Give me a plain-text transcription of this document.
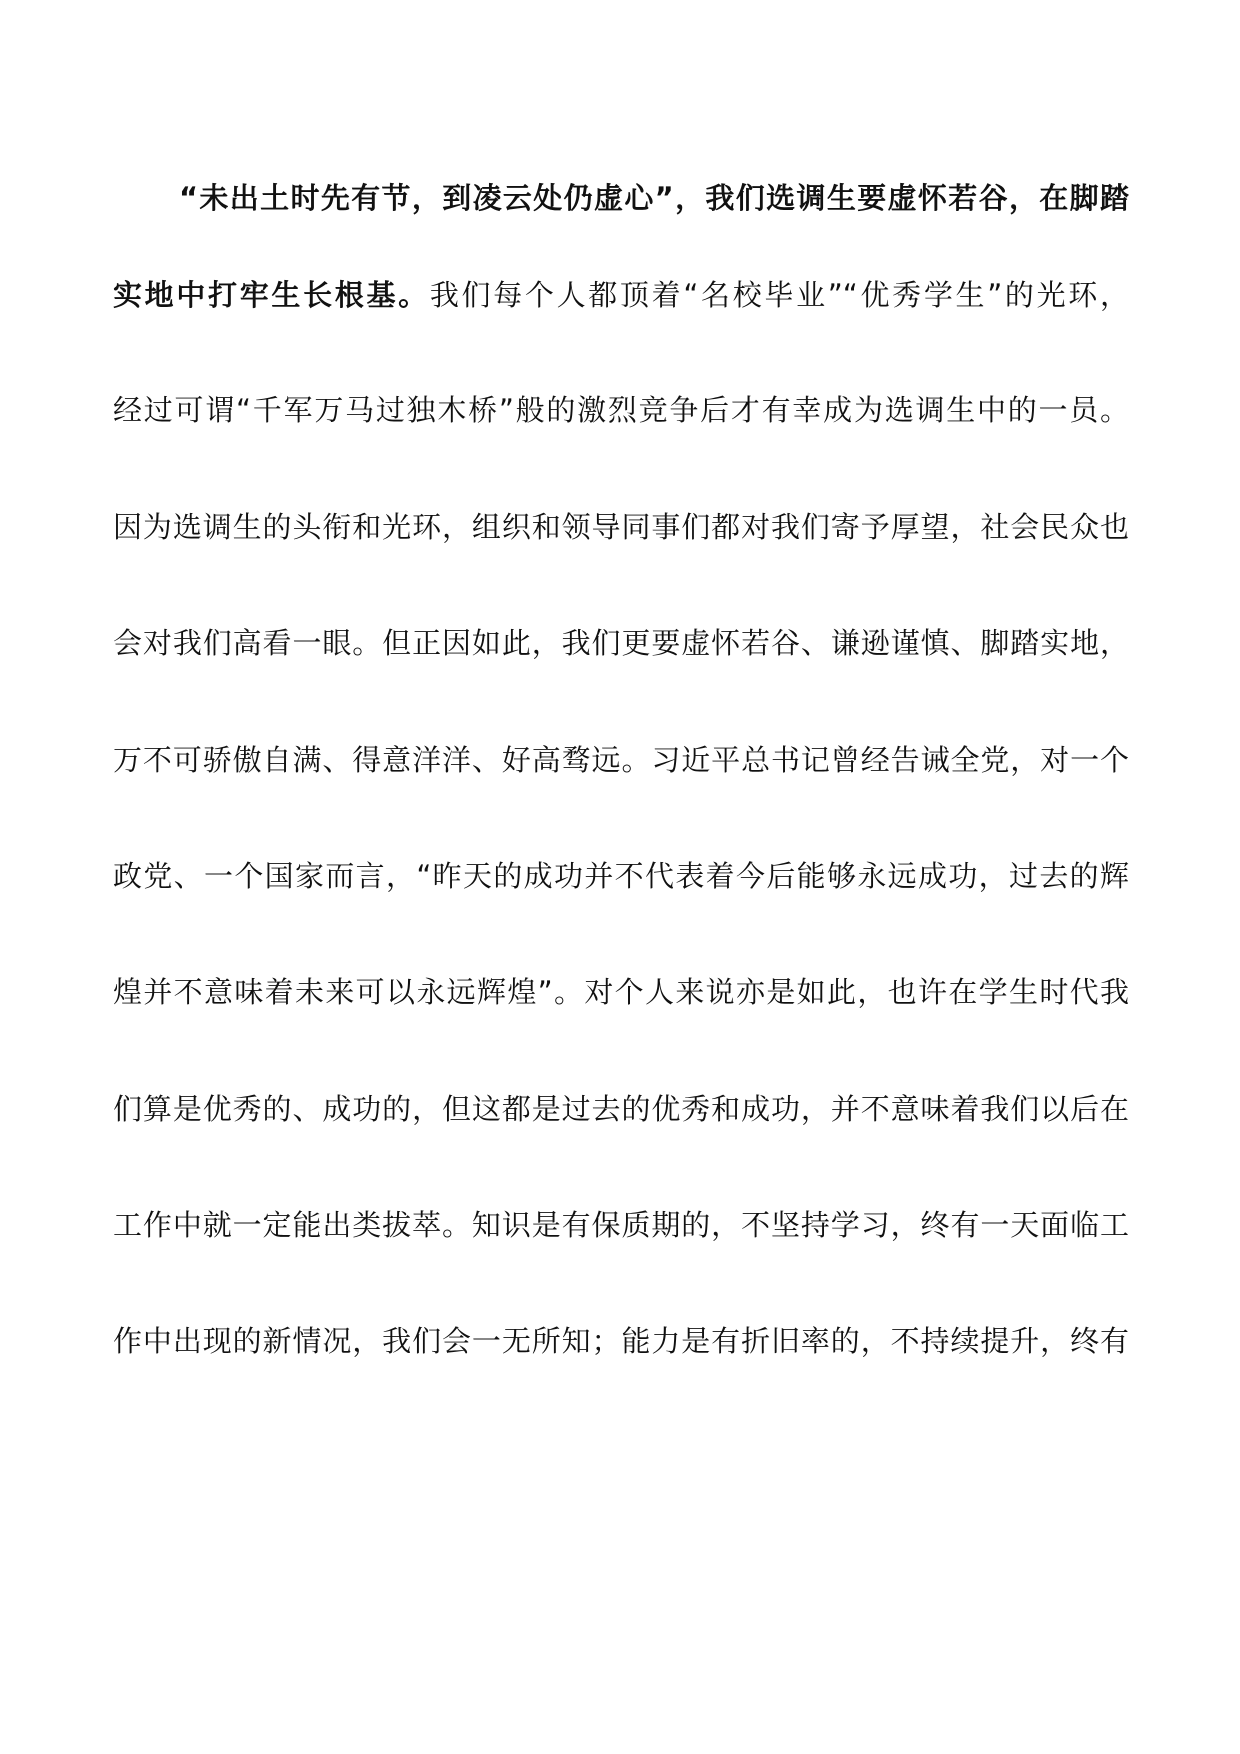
“未出土时先有节，到凌云处仍虚心”，我们选调生要虚怀若谷，在脚踏
实地中打牢生长根基。我们每个人都顶着“名校毕业”“优秀学生”的光环，
经过可谓“千军万马过独木桥”般的激烈竞争后才有幸成为选调生中的一员。
因为选调生的头衔和光环，组织和领导同事们都对我们寄予厚望，社会民众也
会对我们高看一眼。但正因如此，我们更要虚怀若谷、谦逊谨慎、脚踏实地，
万不可骄傲自满、得意洋洋、好高骛远。习近平总书记曾经告诫全党，对一个
政党、一个国家而言，“昨天的成功并不代表着今后能够永远成功，过去的辉
煌并不意味着未来可以永远辉煌”。对个人来说亦是如此，也许在学生时代我
们算是优秀的、成功的，但这都是过去的优秀和成功，并不意味着我们以后在
工作中就一定能出类拔萃。知识是有保质期的，不坚持学习，终有一天面临工
作中出现的新情况，我们会一无所知；能力是有折旧率的，不持续提升，终有
